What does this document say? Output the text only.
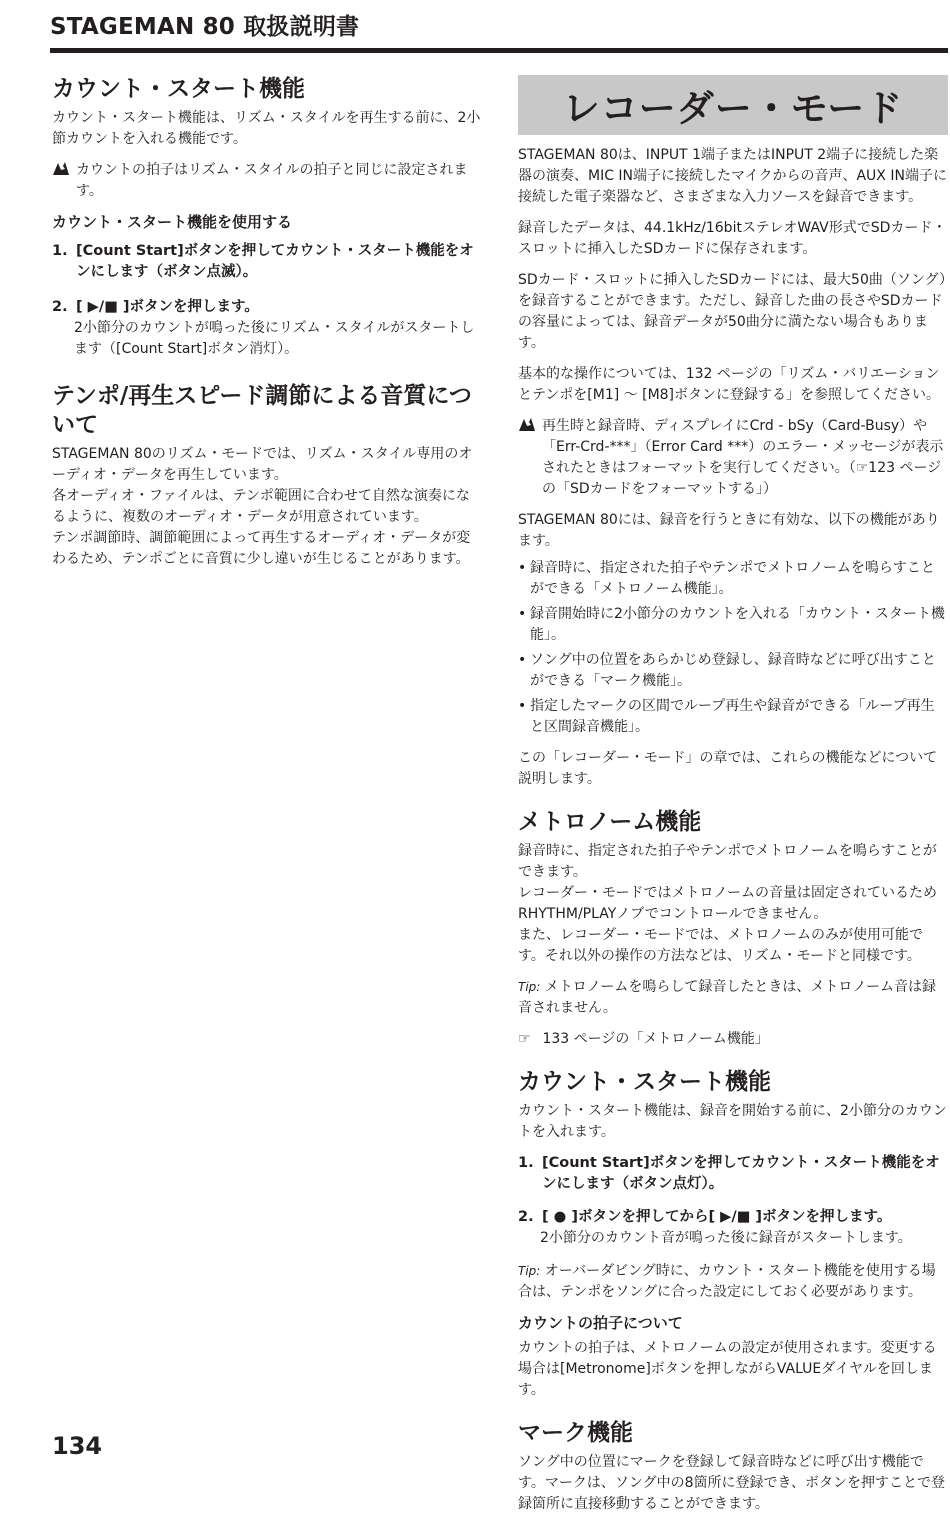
STAGEMAN 80 取扱説明書
カウント・スタート機能

カウント・スタート機能は、リズム・スタイルを再生する前に、2小節カウントを入れる機能です。

カウントの拍子はリズム・スタイルの拍子と同じに設定されます。
カウント・スタート機能を使用する
1. [Count Start]ボタンを押してカウント・スタート機能をオンにします（ボタン点滅）。
2. [ ▶/■ ]ボタンを押します。
2小節分のカウントが鳴った後にリズム・スタイルがスタートします（[Count Start]ボタン消灯）。
テンポ/再生スピード調節による音質について

STAGEMAN 80のリズム・モードでは、リズム・スタイル専用のオーディオ・データを再生しています。

各オーディオ・ファイルは、テンポ範囲に合わせて自然な演奏になるように、複数のオーディオ・データが用意されています。

テンポ調節時、調節範囲によって再生するオーディオ・データが変わるため、テンポごとに音質に少し違いが生じることがあります。

レコーダー・モード

STAGEMAN 80は、INPUT 1端子またはINPUT 2端子に接続した楽器の演奏、MIC IN端子に接続したマイクからの音声、AUX IN端子に接続した電子楽器など、さまざまな入力ソースを録音できます。

録音したデータは、44.1kHz/16bitステレオWAV形式でSDカード・スロットに挿入したSDカードに保存されます。

SDカード・スロットに挿入したSDカードには、最大50曲（ソング）を録音することができます。ただし、録音した曲の長さやSDカードの容量によっては、録音データが50曲分に満たない場合もあります。

基本的な操作については、132 ページの「リズム・バリエーションとテンポを[M1] ～ [M8]ボタンに登録する」を参照してください。

再生時と録音時、ディスプレイにCrd - bSy（Card-Busy）や「Err-Crd-***」（Error Card ***）のエラー・メッセージが表示されたときはフォーマットを実行してください。（☞123 ページの「SDカードをフォーマットする」）

STAGEMAN 80には、録音を行うときに有効な、以下の機能があります。

• 録音時に、指定された拍子やテンポでメトロノームを鳴らすことができる「メトロノーム機能」。
• 録音開始時に2小節分のカウントを入れる「カウント・スタート機能」。
• ソング中の位置をあらかじめ登録し、録音時などに呼び出すことができる「マーク機能」。
• 指定したマークの区間でループ再生や録音ができる「ループ再生と区間録音機能」。

この「レコーダー・モード」の章では、これらの機能などについて説明します。

メトロノーム機能

録音時に、指定された拍子やテンポでメトロノームを鳴らすことができます。

レコーダー・モードではメトロノームの音量は固定されているためRHYTHM/PLAYノブでコントロールできません。

また、レコーダー・モードでは、メトロノームのみが使用可能です。それ以外の操作の方法などは、リズム・モードと同様です。

Tip: メトロノームを鳴らして録音したときは、メトロノーム音は録音されません。

☞ 133 ページの「メトロノーム機能」

カウント・スタート機能

カウント・スタート機能は、録音を開始する前に、2小節分のカウントを入れます。

1. [Count Start]ボタンを押してカウント・スタート機能をオンにします（ボタン点灯）。
2. [ ● ]ボタンを押してから[ ▶/■ ]ボタンを押します。
2小節分のカウント音が鳴った後に録音がスタートします。

Tip: オーバーダビング時に、カウント・スタート機能を使用する場合は、テンポをソングに合った設定にしておく必要があります。

カウントの拍子について

カウントの拍子は、メトロノームの設定が使用されます。変更する場合は[Metronome]ボタンを押しながらVALUEダイヤルを回します。

マーク機能

ソング中の位置にマークを登録して録音時などに呼び出す機能です。マークは、ソング中の8箇所に登録でき、ボタンを押すことで登録箇所に直接移動することができます。

134
